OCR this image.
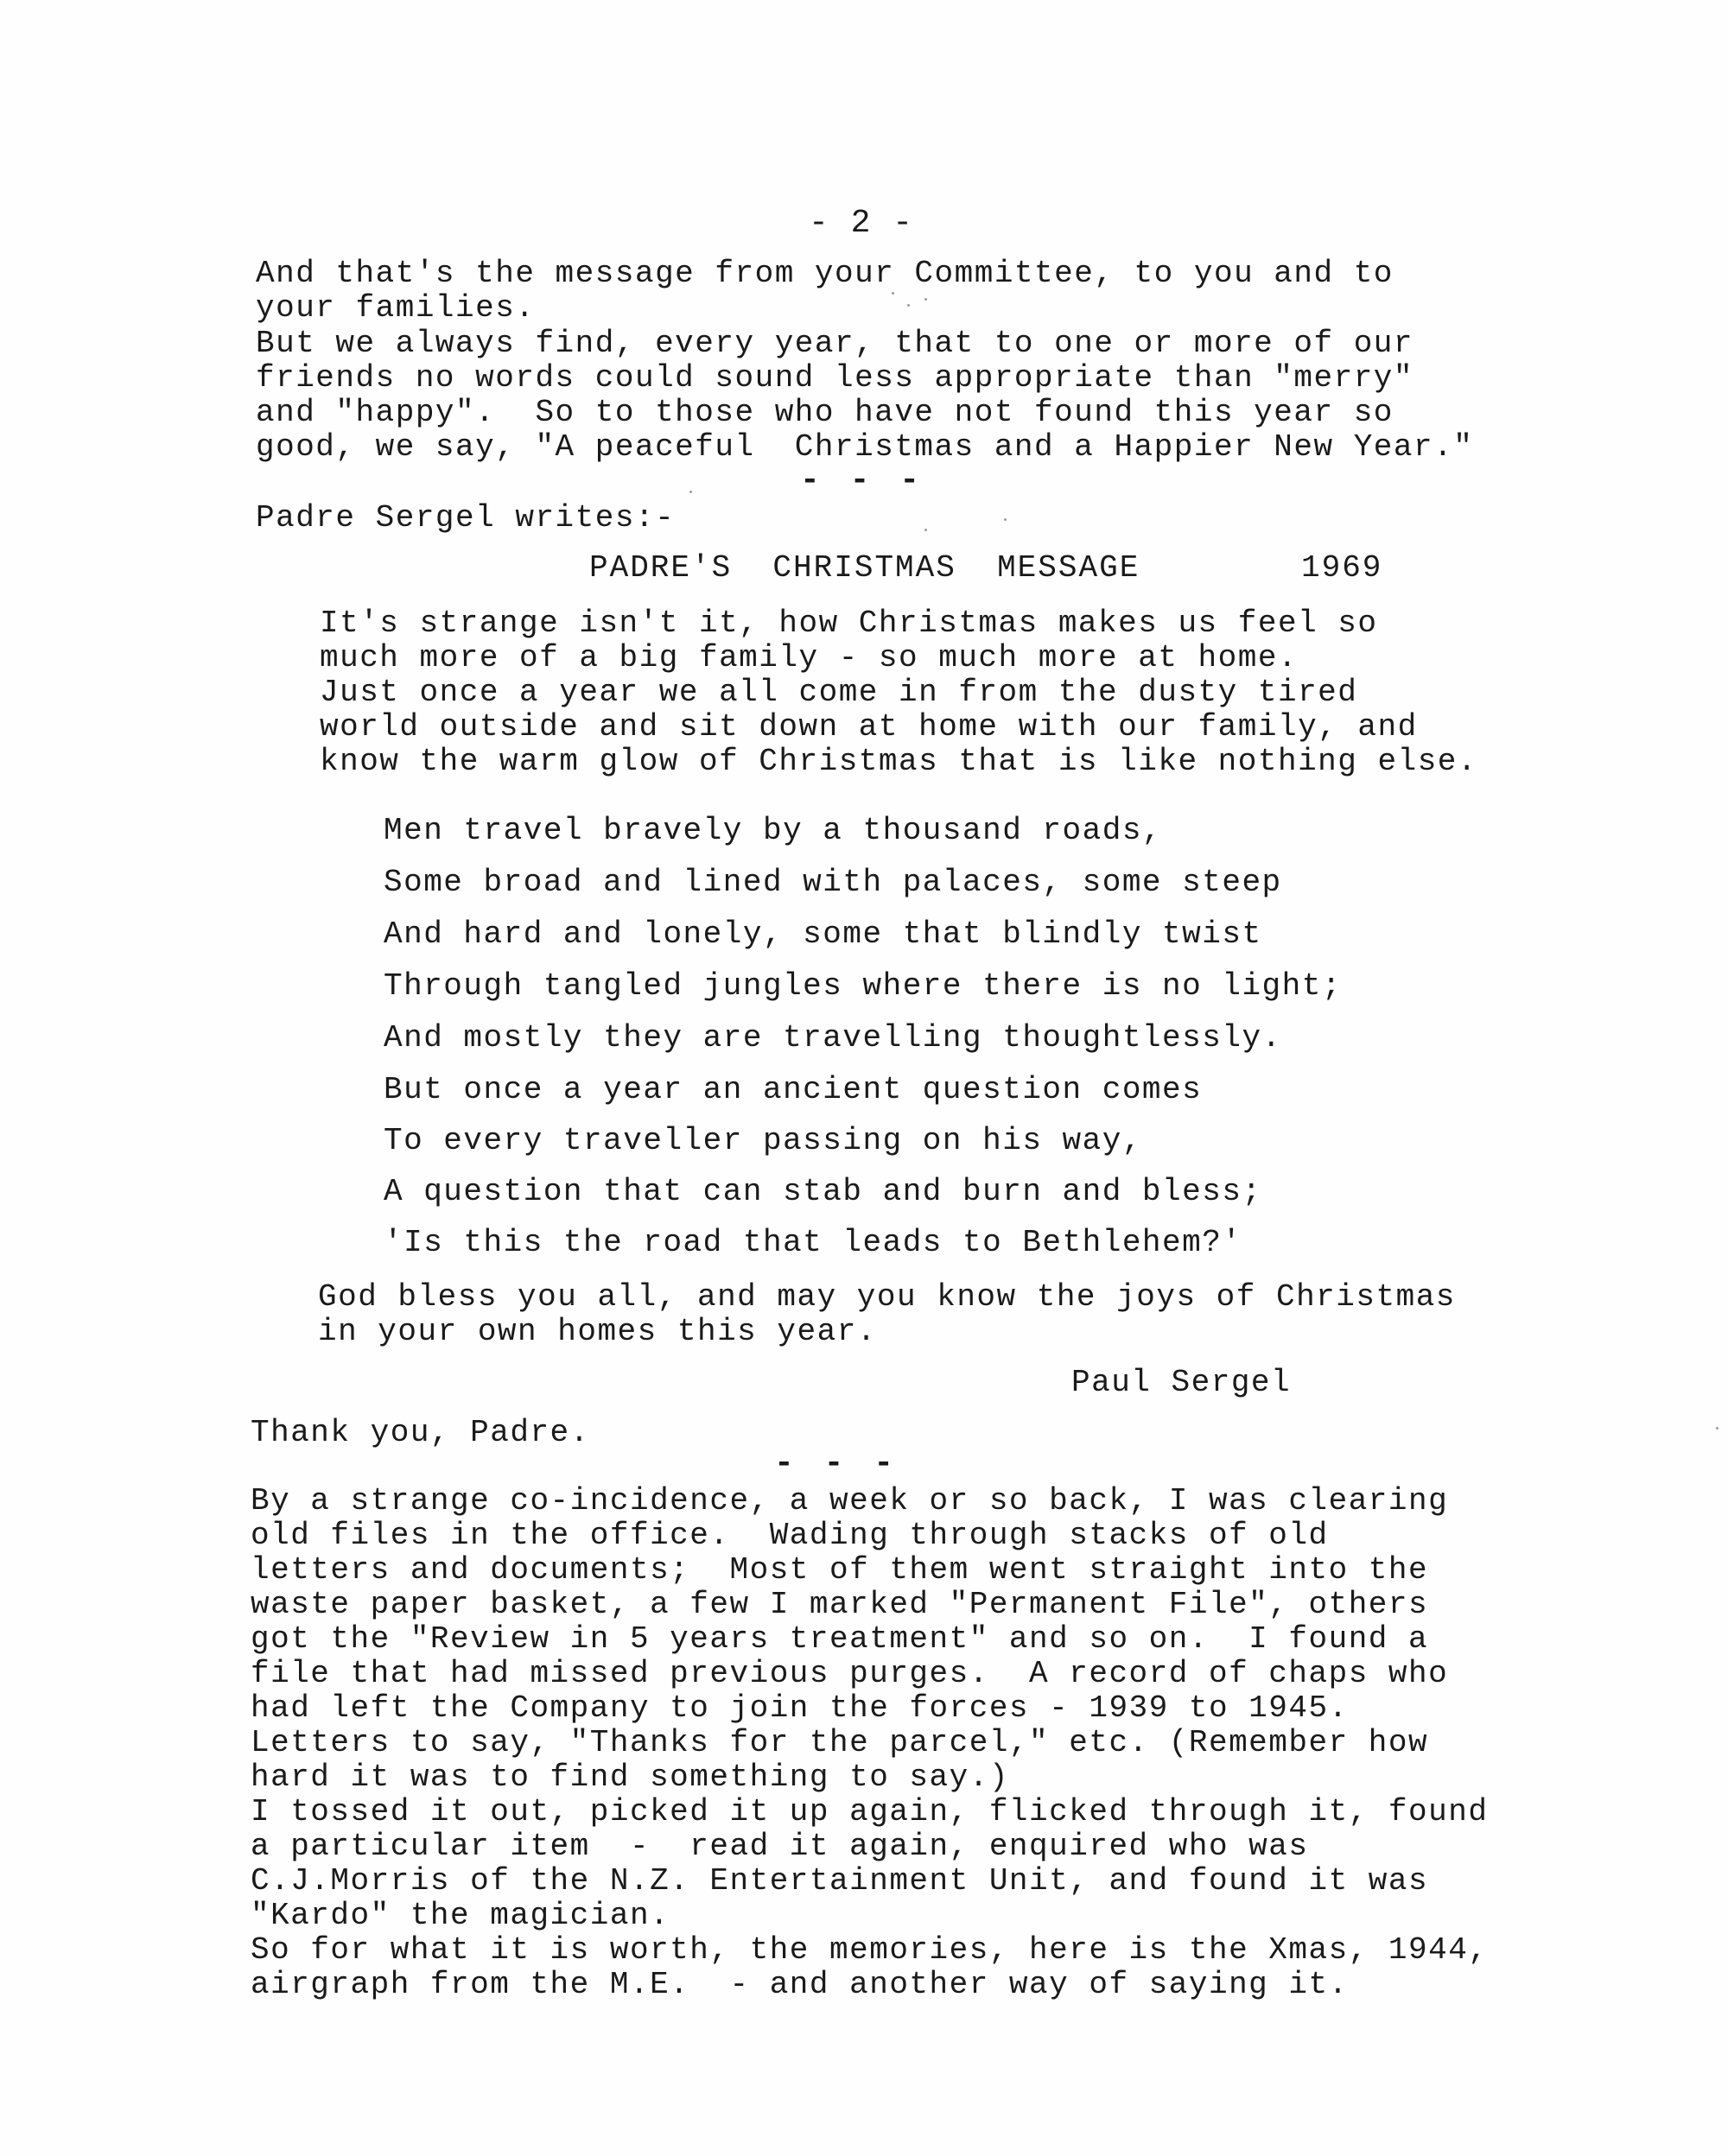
- 2 -
And that's the message from your Committee, to you and to
your families.
But we always find, every year, that to one or more of our
friends no words could sound less appropriate than "merry"
and "happy".  So to those who have not found this year so
good, we say, "A peaceful  Christmas and a Happier New Year."
- - -
Padre Sergel writes:-
PADRE'S  CHRISTMAS  MESSAGE	1969
It's strange isn't it, how Christmas makes us feel so
much more of a big family - so much more at home.
Just once a year we all come in from the dusty tired
world outside and sit down at home with our family, and
know the warm glow of Christmas that is like nothing else.
Men travel bravely by a thousand roads,
Some broad and lined with palaces, some steep
And hard and lonely, some that blindly twist
Through tangled jungles where there is no light;
And mostly they are travelling thoughtlessly.
But once a year an ancient question comes
To every traveller passing on his way,
A question that can stab and burn and bless;
'Is this the road that leads to Bethlehem?'
God bless you all, and may you know the joys of Christmas
in your own homes this year.
Paul Sergel
Thank you, Padre.
- - -
By a strange co-incidence, a week or so back, I was clearing
old files in the office.  Wading through stacks of old
letters and documents;  Most of them went straight into the
waste paper basket, a few I marked "Permanent File", others
got the "Review in 5 years treatment" and so on.  I found a
file that had missed previous purges.  A record of chaps who
had left the Company to join the forces - 1939 to 1945.
Letters to say, "Thanks for the parcel," etc. (Remember how
hard it was to find something to say.)
I tossed it out, picked it up again, flicked through it, found
a particular item  -  read it again, enquired who was
C.J.Morris of the N.Z. Entertainment Unit, and found it was
"Kardo" the magician.
So for what it is worth, the memories, here is the Xmas, 1944,
airgraph from the M.E.  - and another way of saying it.
